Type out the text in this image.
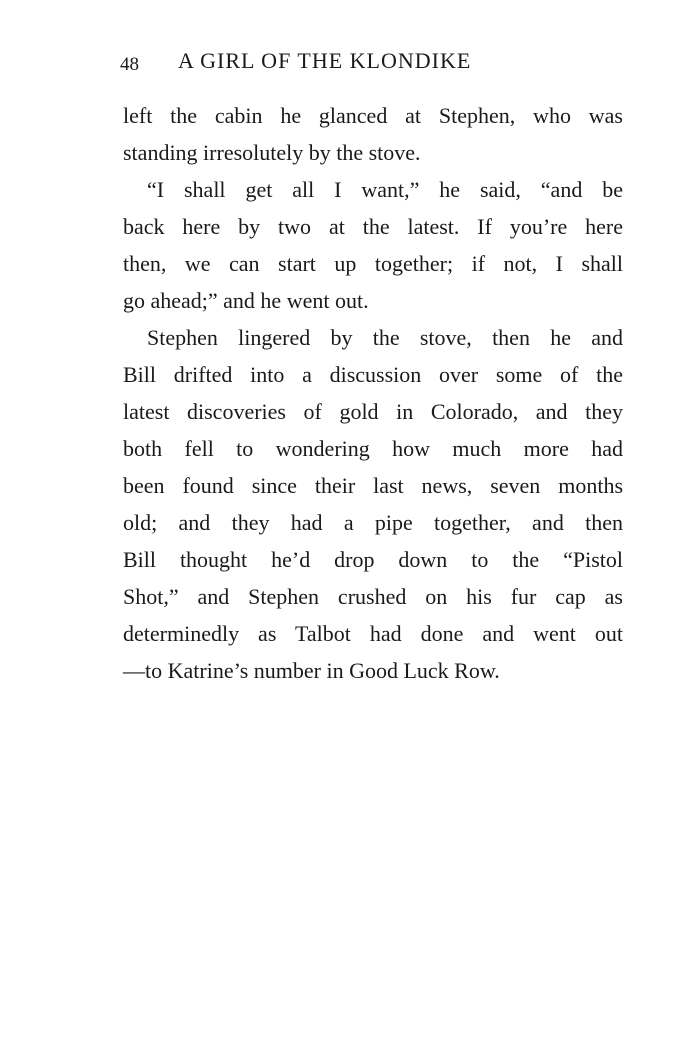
48 A GIRL OF THE KLONDIKE
left the cabin he glanced at Stephen, who was
standing irresolutely by the stove.
“I shall get all I want,” he said, “and be
back here by two at the latest. If you’re here
then, we can start up together; if not, I shall
go ahead;” and he went out.
Stephen lingered by the stove, then he and
Bill drifted into a discussion over some of the
latest discoveries of gold in Colorado, and they
both fell to wondering how much more had
been found since their last news, seven months
old; and they had a pipe together, and then
Bill thought he’d drop down to the “Pistol
Shot,” and Stephen crushed on his fur cap as
determinedly as Talbot had done and went out
—to Katrine’s number in Good Luck Row.
